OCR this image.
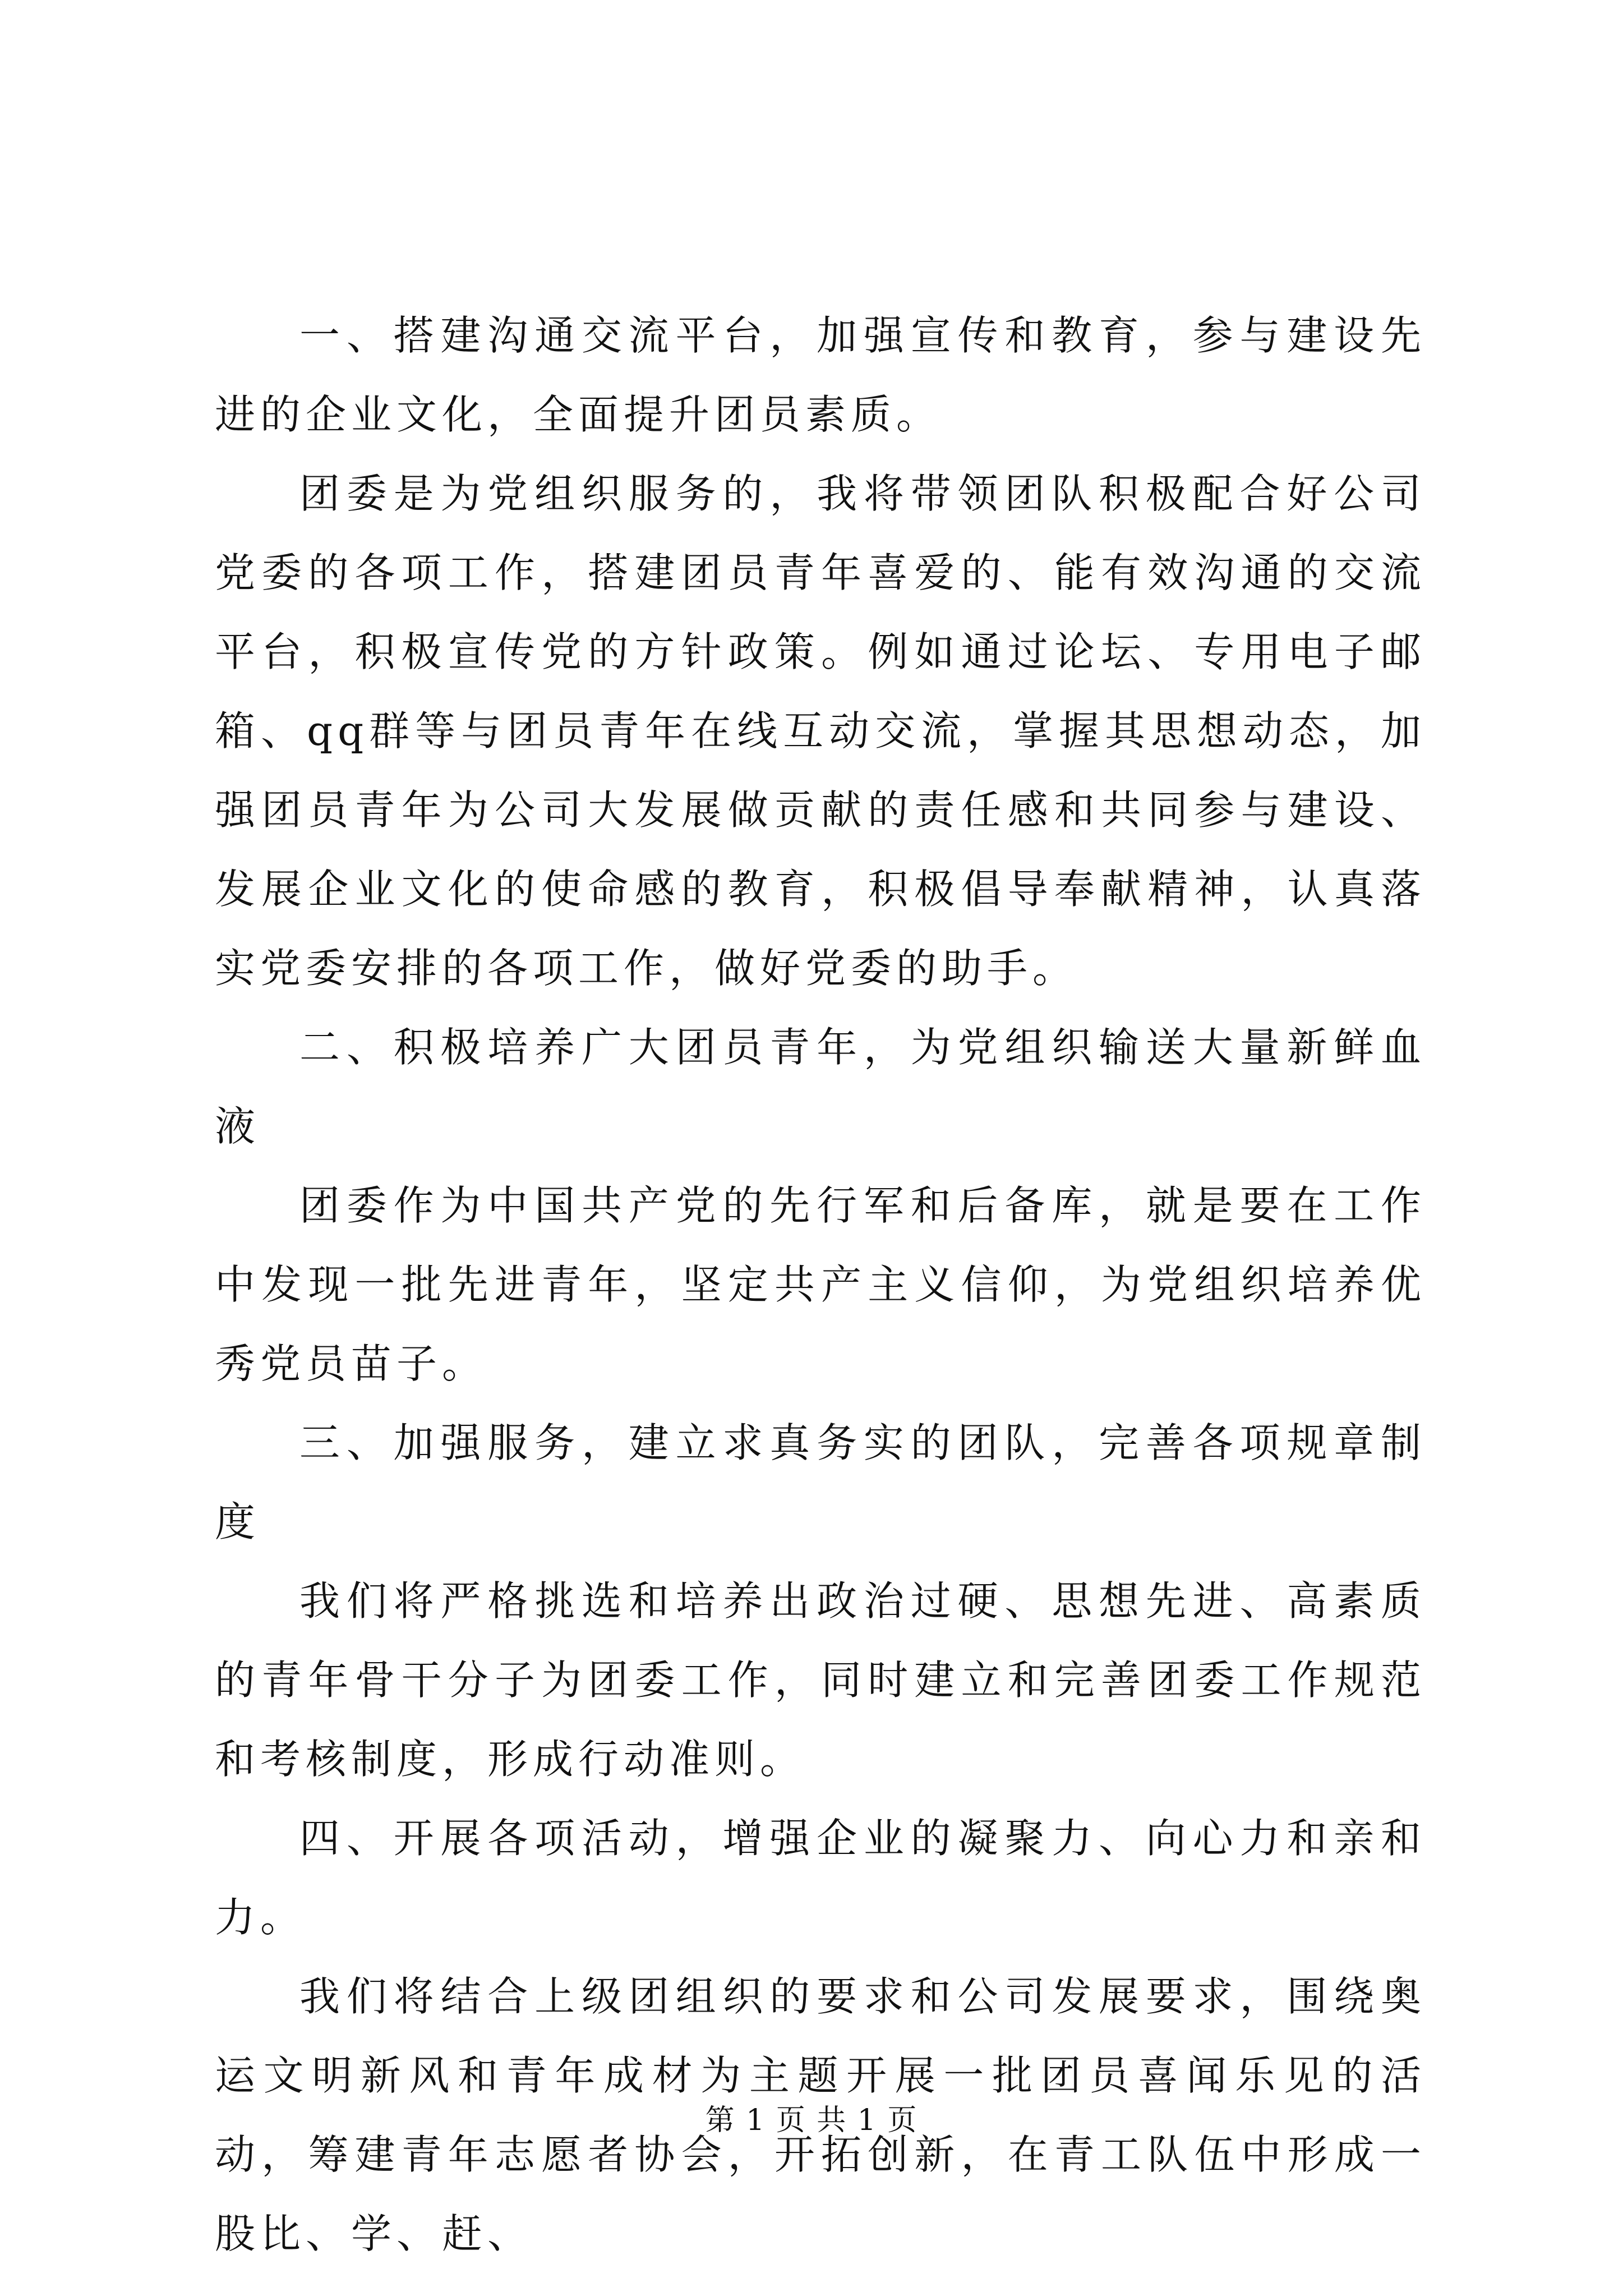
一、搭建沟通交流平台，加强宣传和教育，参与建设先进的企业文化，全面提升团员素质。

团委是为党组织服务的，我将带领团队积极配合好公司党委的各项工作，搭建团员青年喜爱的、能有效沟通的交流平台，积极宣传党的方针政策。例如通过论坛、专用电子邮箱、qq群等与团员青年在线互动交流，掌握其思想动态，加强团员青年为公司大发展做贡献的责任感和共同参与建设、发展企业文化的使命感的教育，积极倡导奉献精神，认真落实党委安排的各项工作，做好党委的助手。

二、积极培养广大团员青年，为党组织输送大量新鲜血液

团委作为中国共产党的先行军和后备库，就是要在工作中发现一批先进青年，坚定共产主义信仰，为党组织培养优秀党员苗子。

三、加强服务，建立求真务实的团队，完善各项规章制度

我们将严格挑选和培养出政治过硬、思想先进、高素质的青年骨干分子为团委工作，同时建立和完善团委工作规范和考核制度，形成行动准则。

四、开展各项活动，增强企业的凝聚力、向心力和亲和力。

我们将结合上级团组织的要求和公司发展要求，围绕奥运文明新风和青年成材为主题开展一批团员喜闻乐见的活动，筹建青年志愿者协会，开拓创新，在青工队伍中形成一股比、学、赶、

第 1 页 共 1 页
